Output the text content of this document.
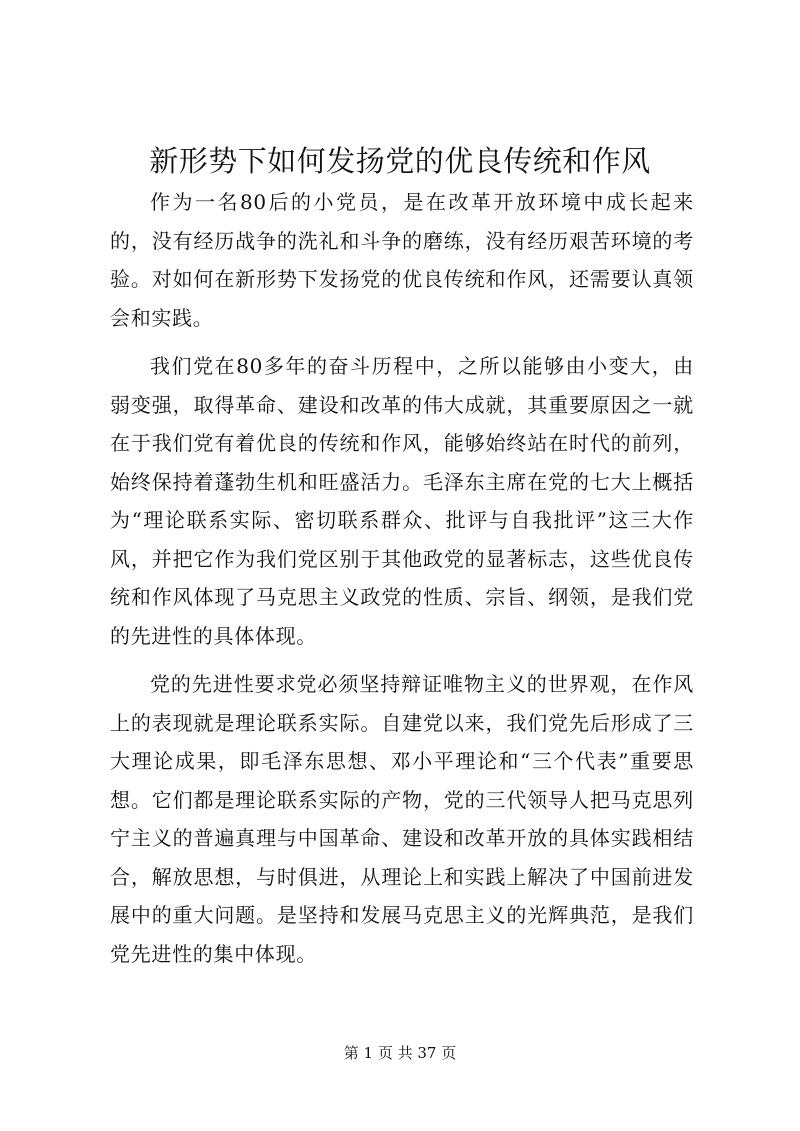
新形势下如何发扬党的优良传统和作风

作为一名80后的小党员，是在改革开放环境中成长起来的，没有经历战争的洗礼和斗争的磨练，没有经历艰苦环境的考验。对如何在新形势下发扬党的优良传统和作风，还需要认真领会和实践。

我们党在80多年的奋斗历程中，之所以能够由小变大，由弱变强，取得革命、建设和改革的伟大成就，其重要原因之一就在于我们党有着优良的传统和作风，能够始终站在时代的前列，始终保持着蓬勃生机和旺盛活力。毛泽东主席在党的七大上概括为“理论联系实际、密切联系群众、批评与自我批评”这三大作风，并把它作为我们党区别于其他政党的显著标志，这些优良传统和作风体现了马克思主义政党的性质、宗旨、纲领，是我们党的先进性的具体体现。

党的先进性要求党必须坚持辩证唯物主义的世界观，在作风上的表现就是理论联系实际。自建党以来，我们党先后形成了三大理论成果，即毛泽东思想、邓小平理论和“三个代表”重要思想。它们都是理论联系实际的产物，党的三代领导人把马克思列宁主义的普遍真理与中国革命、建设和改革开放的具体实践相结合，解放思想，与时俱进，从理论上和实践上解决了中国前进发展中的重大问题。是坚持和发展马克思主义的光辉典范，是我们党先进性的集中体现。

第 1 页 共 37 页
